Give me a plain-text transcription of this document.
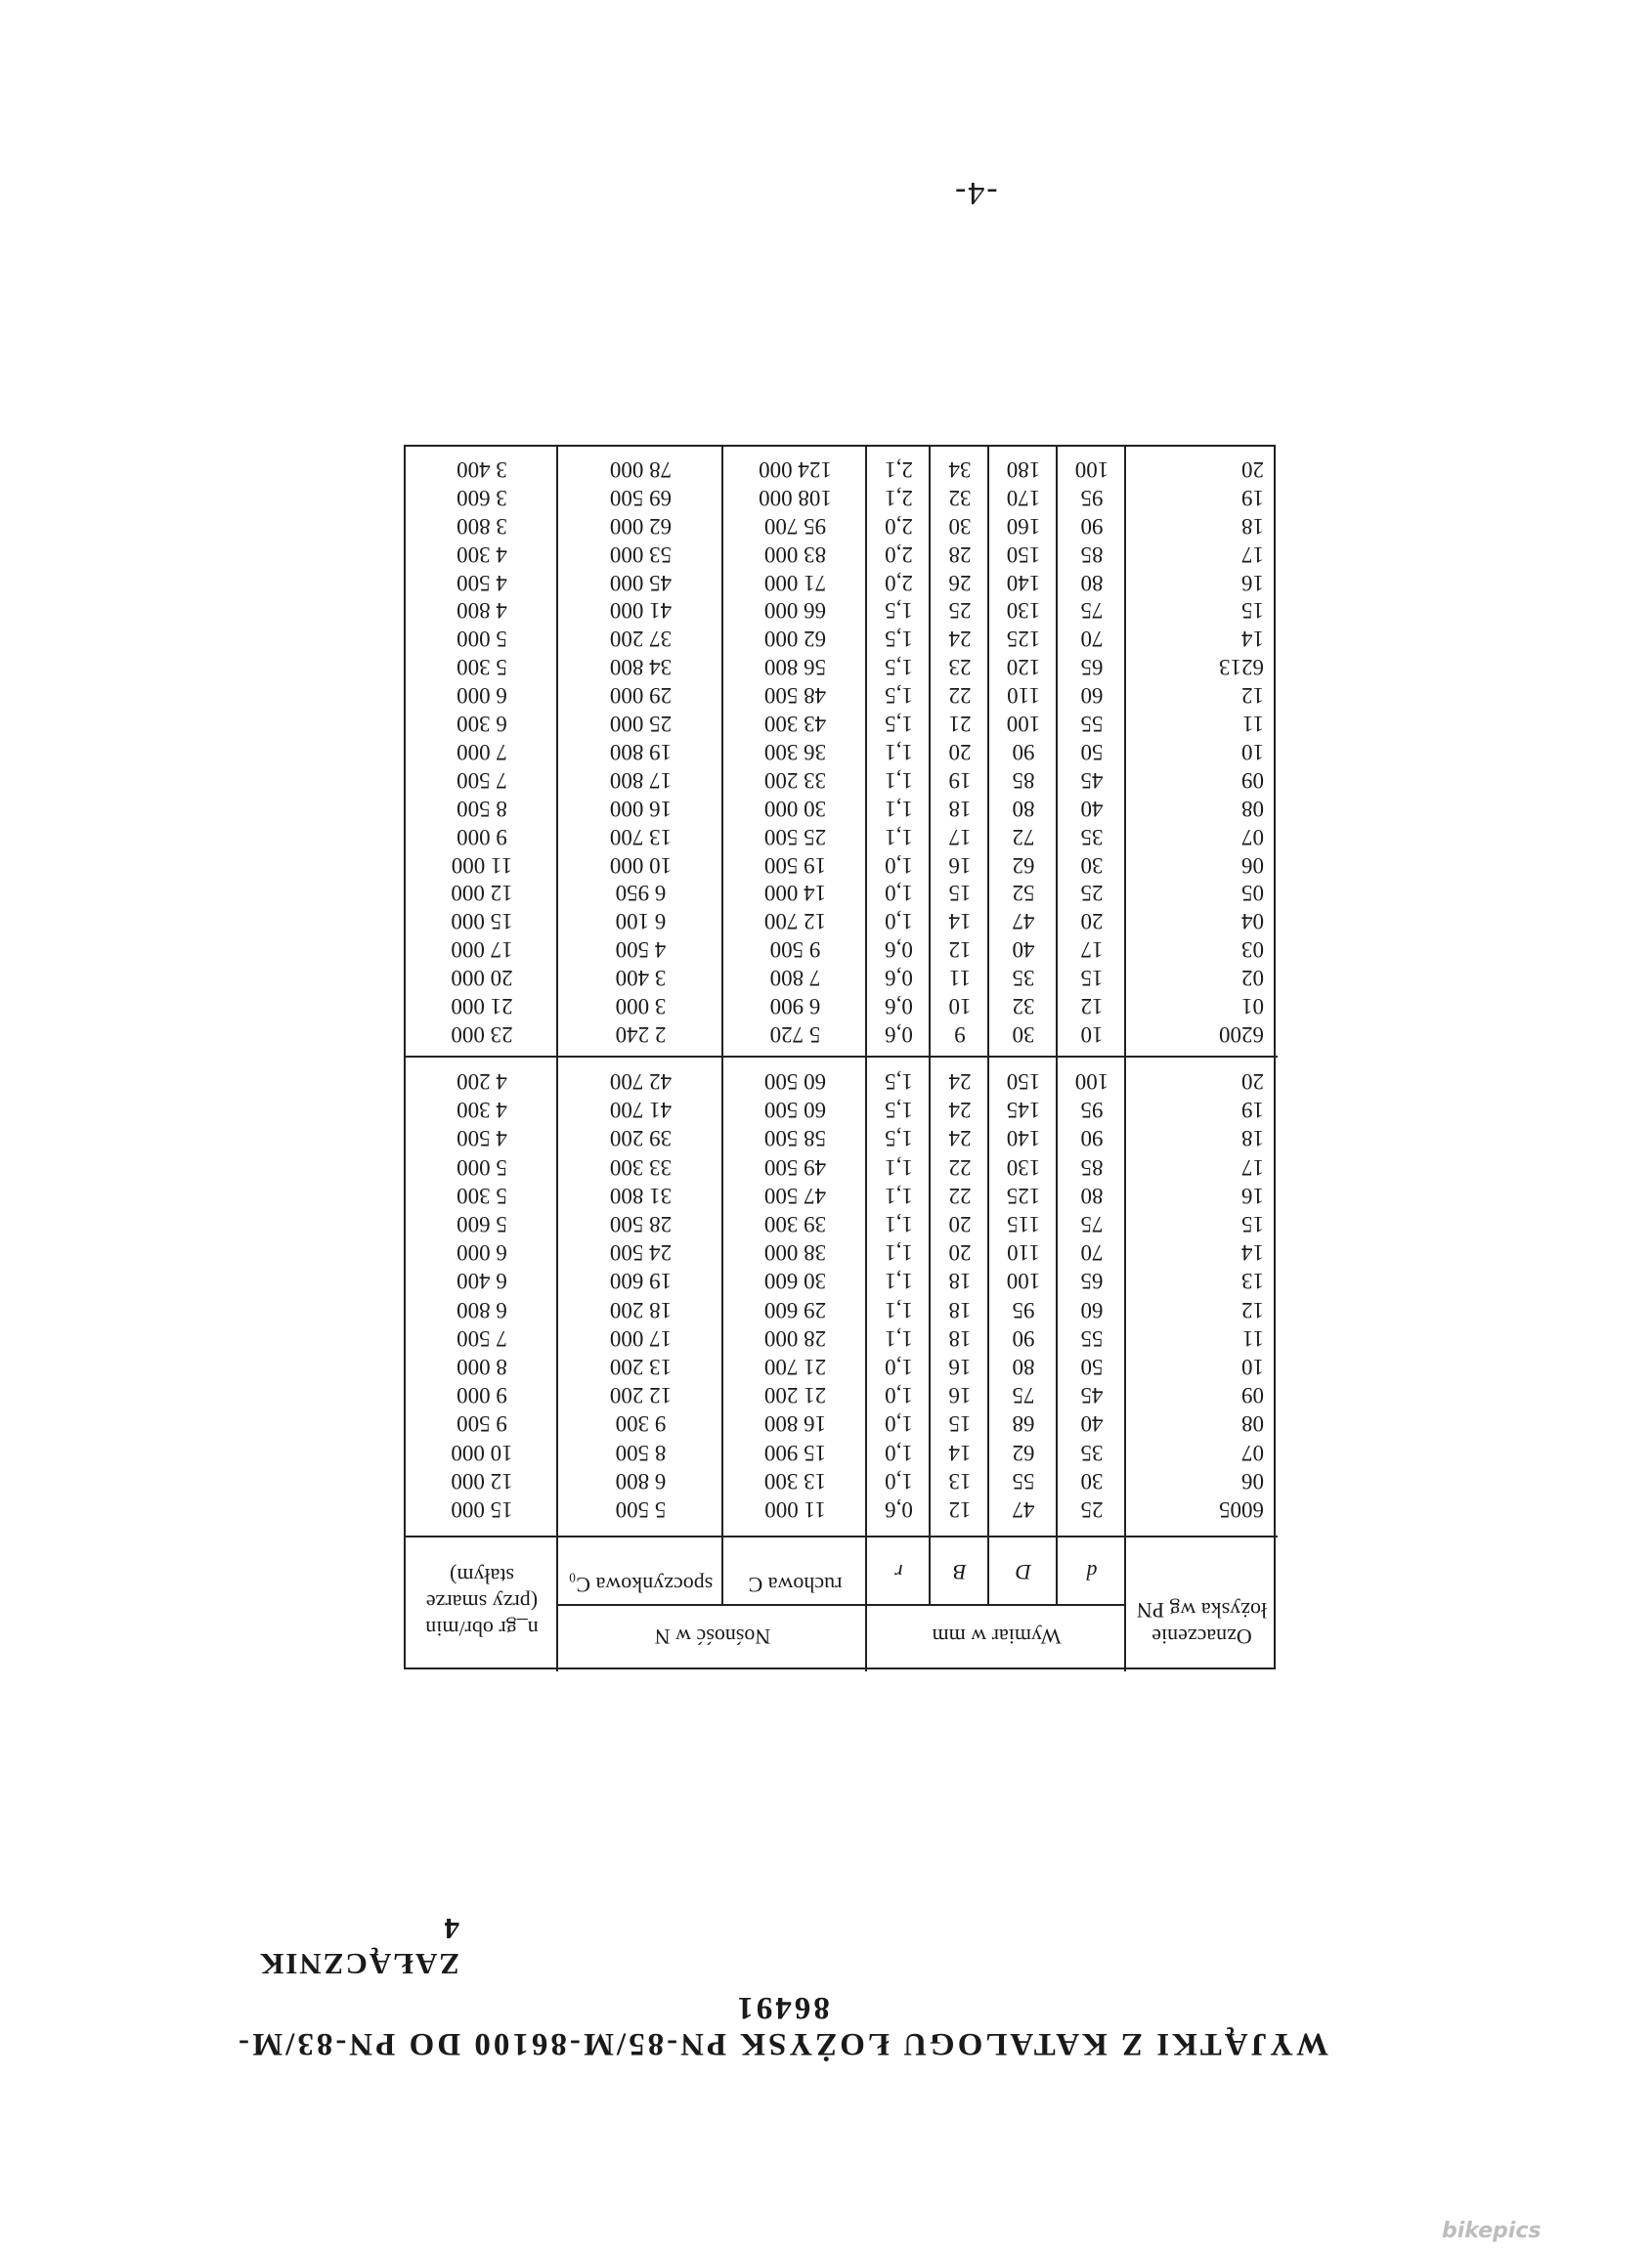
-4-
Oznaczenie łożyska wg PN
Wymiar w mm
d
D
B
r
Nośność w N
ruchowa C
spoczynkowa C₀
n_gr obr/min (przy smarze stałym)
6005
25
47
12
0,6
11 000
5 500
15 000
06
30
55
13
1,0
13 300
6 800
12 000
07
35
62
14
1,0
15 900
8 500
10 000
08
40
68
15
1,0
16 800
9 300
9 500
09
45
75
16
1,0
21 200
12 200
9 000
10
50
80
16
1,0
21 700
13 200
8 000
11
55
90
18
1,1
28 000
17 000
7 500
12
60
95
18
1,1
29 600
18 200
6 800
13
65
100
18
1,1
30 600
19 600
6 400
14
70
110
20
1,1
38 000
24 500
6 000
15
75
115
20
1,1
39 300
28 500
5 600
16
80
125
22
1,1
47 500
31 800
5 300
17
85
130
22
1,1
49 500
33 300
5 000
18
90
140
24
1,5
58 500
39 200
4 500
19
95
145
24
1,5
60 500
41 700
4 300
20
100
150
24
1,5
60 500
42 700
4 200
6200
10
30
9
0,6
5 720
2 240
23 000
01
12
32
10
0,6
6 900
3 000
21 000
02
15
35
11
0,6
7 800
3 400
20 000
03
17
40
12
0,6
9 500
4 500
17 000
04
20
47
14
1,0
12 700
6 100
15 000
05
25
52
15
1,0
14 000
6 950
12 000
06
30
62
16
1,0
19 500
10 000
11 000
07
35
72
17
1,1
25 500
13 700
9 000
08
40
80
18
1,1
30 000
16 000
8 500
09
45
85
19
1,1
33 200
17 800
7 500
10
50
90
20
1,1
36 300
19 800
7 000
11
55
100
21
1,5
43 300
25 000
6 300
12
60
110
22
1,5
48 500
29 000
6 000
6213
65
120
23
1,5
56 800
34 800
5 300
14
70
125
24
1,5
62 000
37 200
5 000
15
75
130
25
1,5
66 000
41 000
4 800
16
80
140
26
2,0
71 000
45 000
4 500
17
85
150
28
2,0
83 000
53 000
4 300
18
90
160
30
2,0
95 700
62 000
3 800
19
95
170
32
2,1
108 000
69 500
3 600
20
100
180
34
2,1
124 000
78 000
3 400
ZAŁĄCZNIK 4
WYJĄTKI Z KATALOGU ŁOŻYSK PN-85/M-86100 DO PN-83/M-86491
bikepics
